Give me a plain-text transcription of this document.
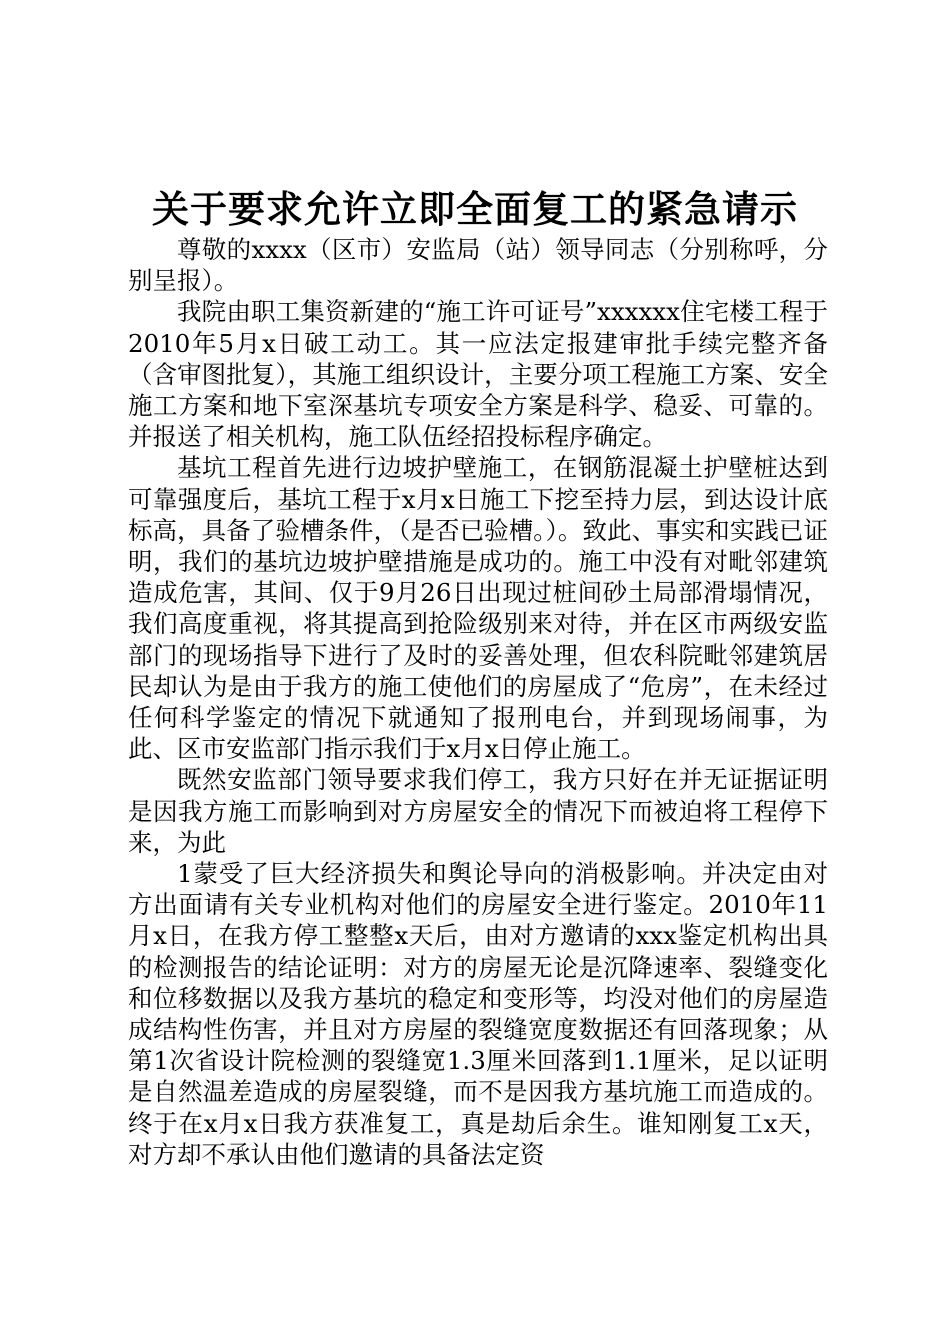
关于要求允许立即全面复工的紧急请示

尊敬的xxxx（区市）安监局（站）领导同志（分别称呼，分别呈报）。

我院由职工集资新建的“施工许可证号”xxxxxx住宅楼工程于2010年5月x日破工动工。其一应法定报建审批手续完整齐备（含审图批复），其施工组织设计，主要分项工程施工方案、安全施工方案和地下室深基坑专项安全方案是科学、稳妥、可靠的。并报送了相关机构，施工队伍经招投标程序确定。

基坑工程首先进行边坡护壁施工，在钢筋混凝土护壁桩达到可靠强度后，基坑工程于x月x日施工下挖至持力层，到达设计底标高，具备了验槽条件，（是否已验槽。）。致此、事实和实践已证明，我们的基坑边坡护壁措施是成功的。施工中没有对毗邻建筑造成危害，其间、仅于9月26日出现过桩间砂土局部滑塌情况，我们高度重视，将其提高到抢险级别来对待，并在区市两级安监部门的现场指导下进行了及时的妥善处理，但农科院毗邻建筑居民却认为是由于我方的施工使他们的房屋成了“危房”，在未经过任何科学鉴定的情况下就通知了报刑电台，并到现场闹事，为此、区市安监部门指示我们于x月x日停止施工。

既然安监部门领导要求我们停工，我方只好在并无证据证明是因我方施工而影响到对方房屋安全的情况下而被迫将工程停下来，为此

1蒙受了巨大经济损失和舆论导向的消极影响。并决定由对方出面请有关专业机构对他们的房屋安全进行鉴定。2010年11月x日，在我方停工整整x天后，由对方邀请的xxx鉴定机构出具的检测报告的结论证明：对方的房屋无论是沉降速率、裂缝变化和位移数据以及我方基坑的稳定和变形等，均没对他们的房屋造成结构性伤害，并且对方房屋的裂缝宽度数据还有回落现象；从第1次省设计院检测的裂缝宽1.3厘米回落到1.1厘米，足以证明是自然温差造成的房屋裂缝，而不是因我方基坑施工而造成的。终于在x月x日我方获准复工，真是劫后余生。谁知刚复工x天，对方却不承认由他们邀请的具备法定资
